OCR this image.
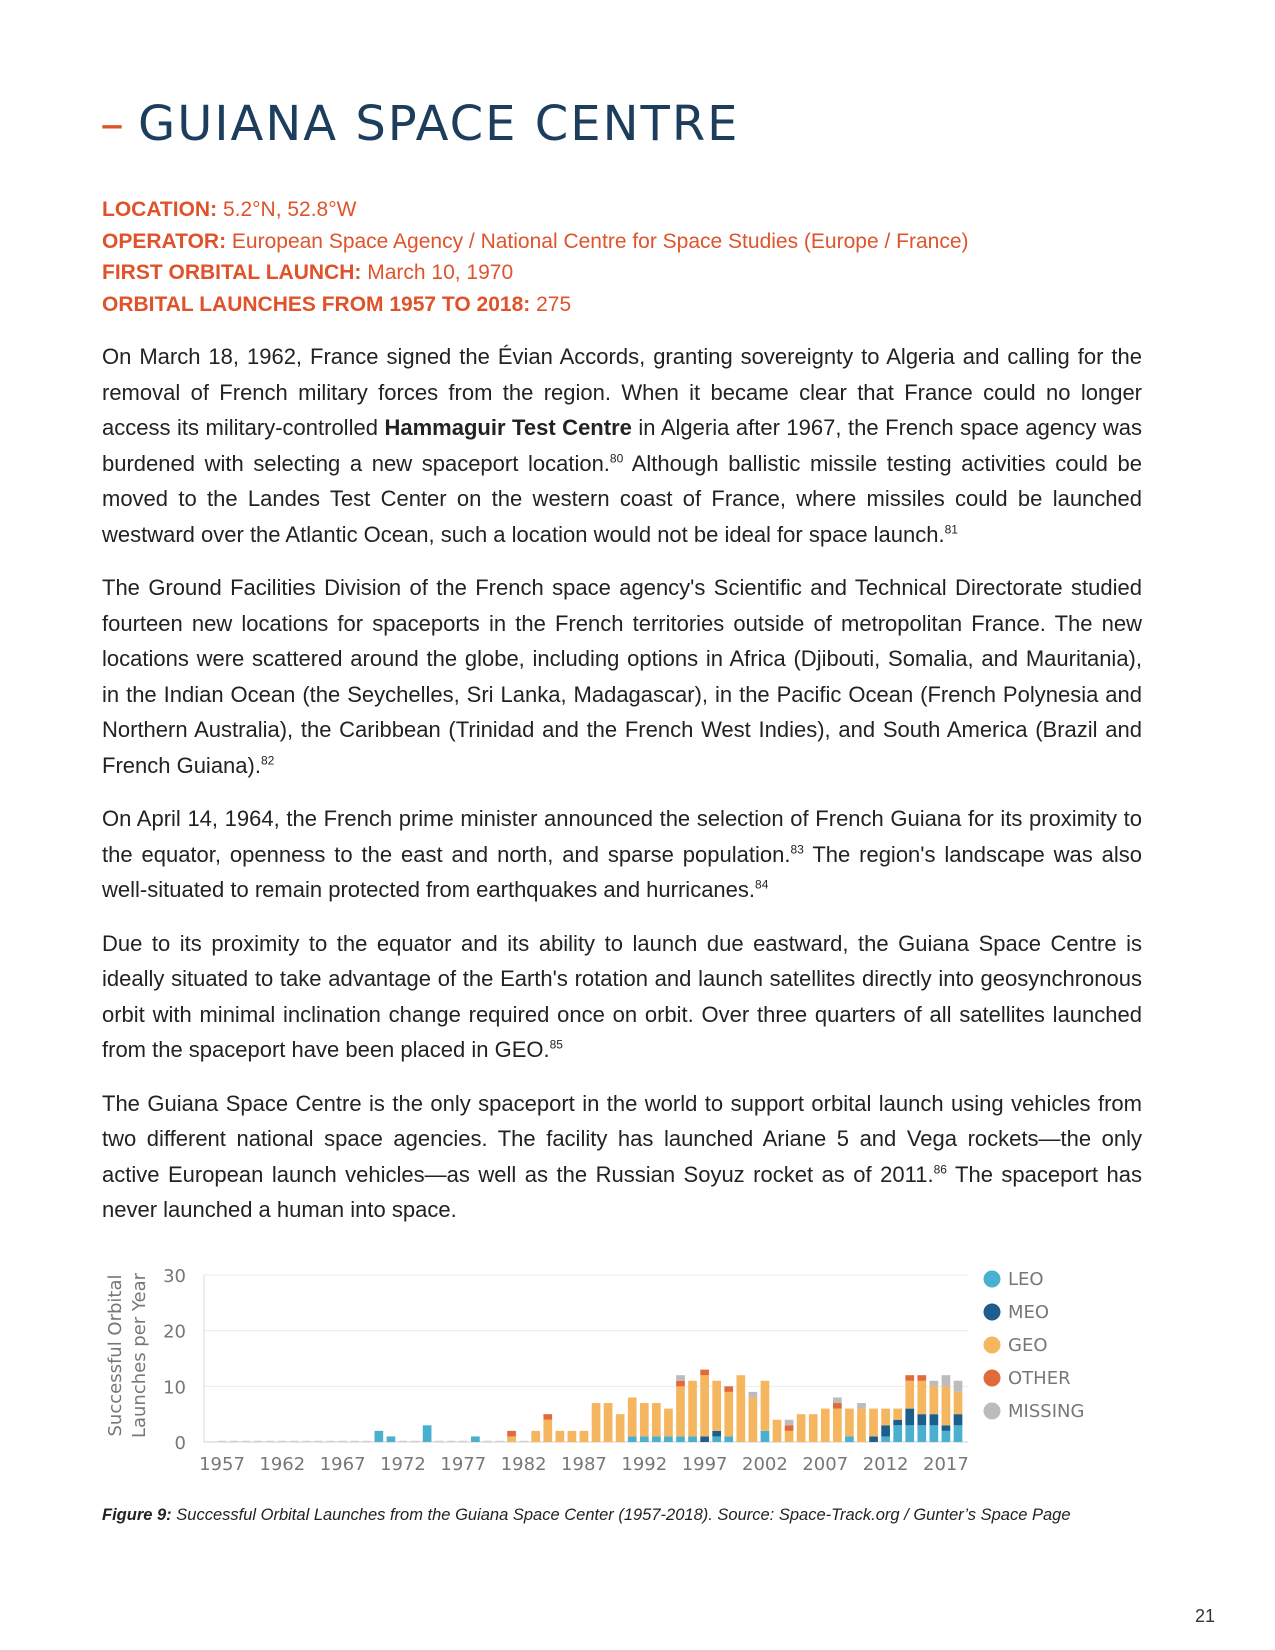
– GUIANA SPACE CENTRE
LOCATION: 5.2°N, 52.8°W
OPERATOR: European Space Agency / National Centre for Space Studies (Europe / France)
FIRST ORBITAL LAUNCH: March 10, 1970
ORBITAL LAUNCHES FROM 1957 TO 2018: 275

On March 18, 1962, France signed the Évian Accords, granting sovereignty to Algeria and calling for the removal of French military forces from the region. When it became clear that France could no longer access its military-controlled Hammaguir Test Centre in Algeria after 1967, the French space agency was burdened with selecting a new spaceport location.$^{80}$ Although ballistic missile testing activities could be moved to the Landes Test Center on the western coast of France, where missiles could be launched westward over the Atlantic Ocean, such a location would not be ideal for space launch.$^{81}$

The Ground Facilities Division of the French space agency's Scientific and Technical Directorate studied fourteen new locations for spaceports in the French territories outside of metropolitan France. The new locations were scattered around the globe, including options in Africa (Djibouti, Somalia, and Mauritania), in the Indian Ocean (the Seychelles, Sri Lanka, Madagascar), in the Pacific Ocean (French Polynesia and Northern Australia), the Caribbean (Trinidad and the French West Indies), and South America (Brazil and French Guiana).$^{82}$

On April 14, 1964, the French prime minister announced the selection of French Guiana for its proximity to the equator, openness to the east and north, and sparse population.$^{83}$ The region's landscape was also well-situated to remain protected from earthquakes and hurricanes.$^{84}$

Due to its proximity to the equator and its ability to launch due eastward, the Guiana Space Centre is ideally situated to take advantage of the Earth's rotation and launch satellites directly into geosynchronous orbit with minimal inclination change required once on orbit. Over three quarters of all satellites launched from the spaceport have been placed in GEO.$^{85}$

The Guiana Space Centre is the only spaceport in the world to support orbital launch using vehicles from two different national space agencies. The facility has launched Ariane 5 and Vega rockets—the only active European launch vehicles—as well as the Russian Soyuz rocket as of 2011.86 The spaceport has never launched a human into space.

0
10
20
30
Successful Orbital Launches per Year
1957 1962 1967 1972 1977 1982 1987 1992 1997 2002 2007 2012 2017
LEO
MEO
GEO
OTHER
MISSING
Figure 9: Successful Orbital Launches from the Guiana Space Center (1957-2018). Source: Space-Track.org / Gunter’s Space Page
21
